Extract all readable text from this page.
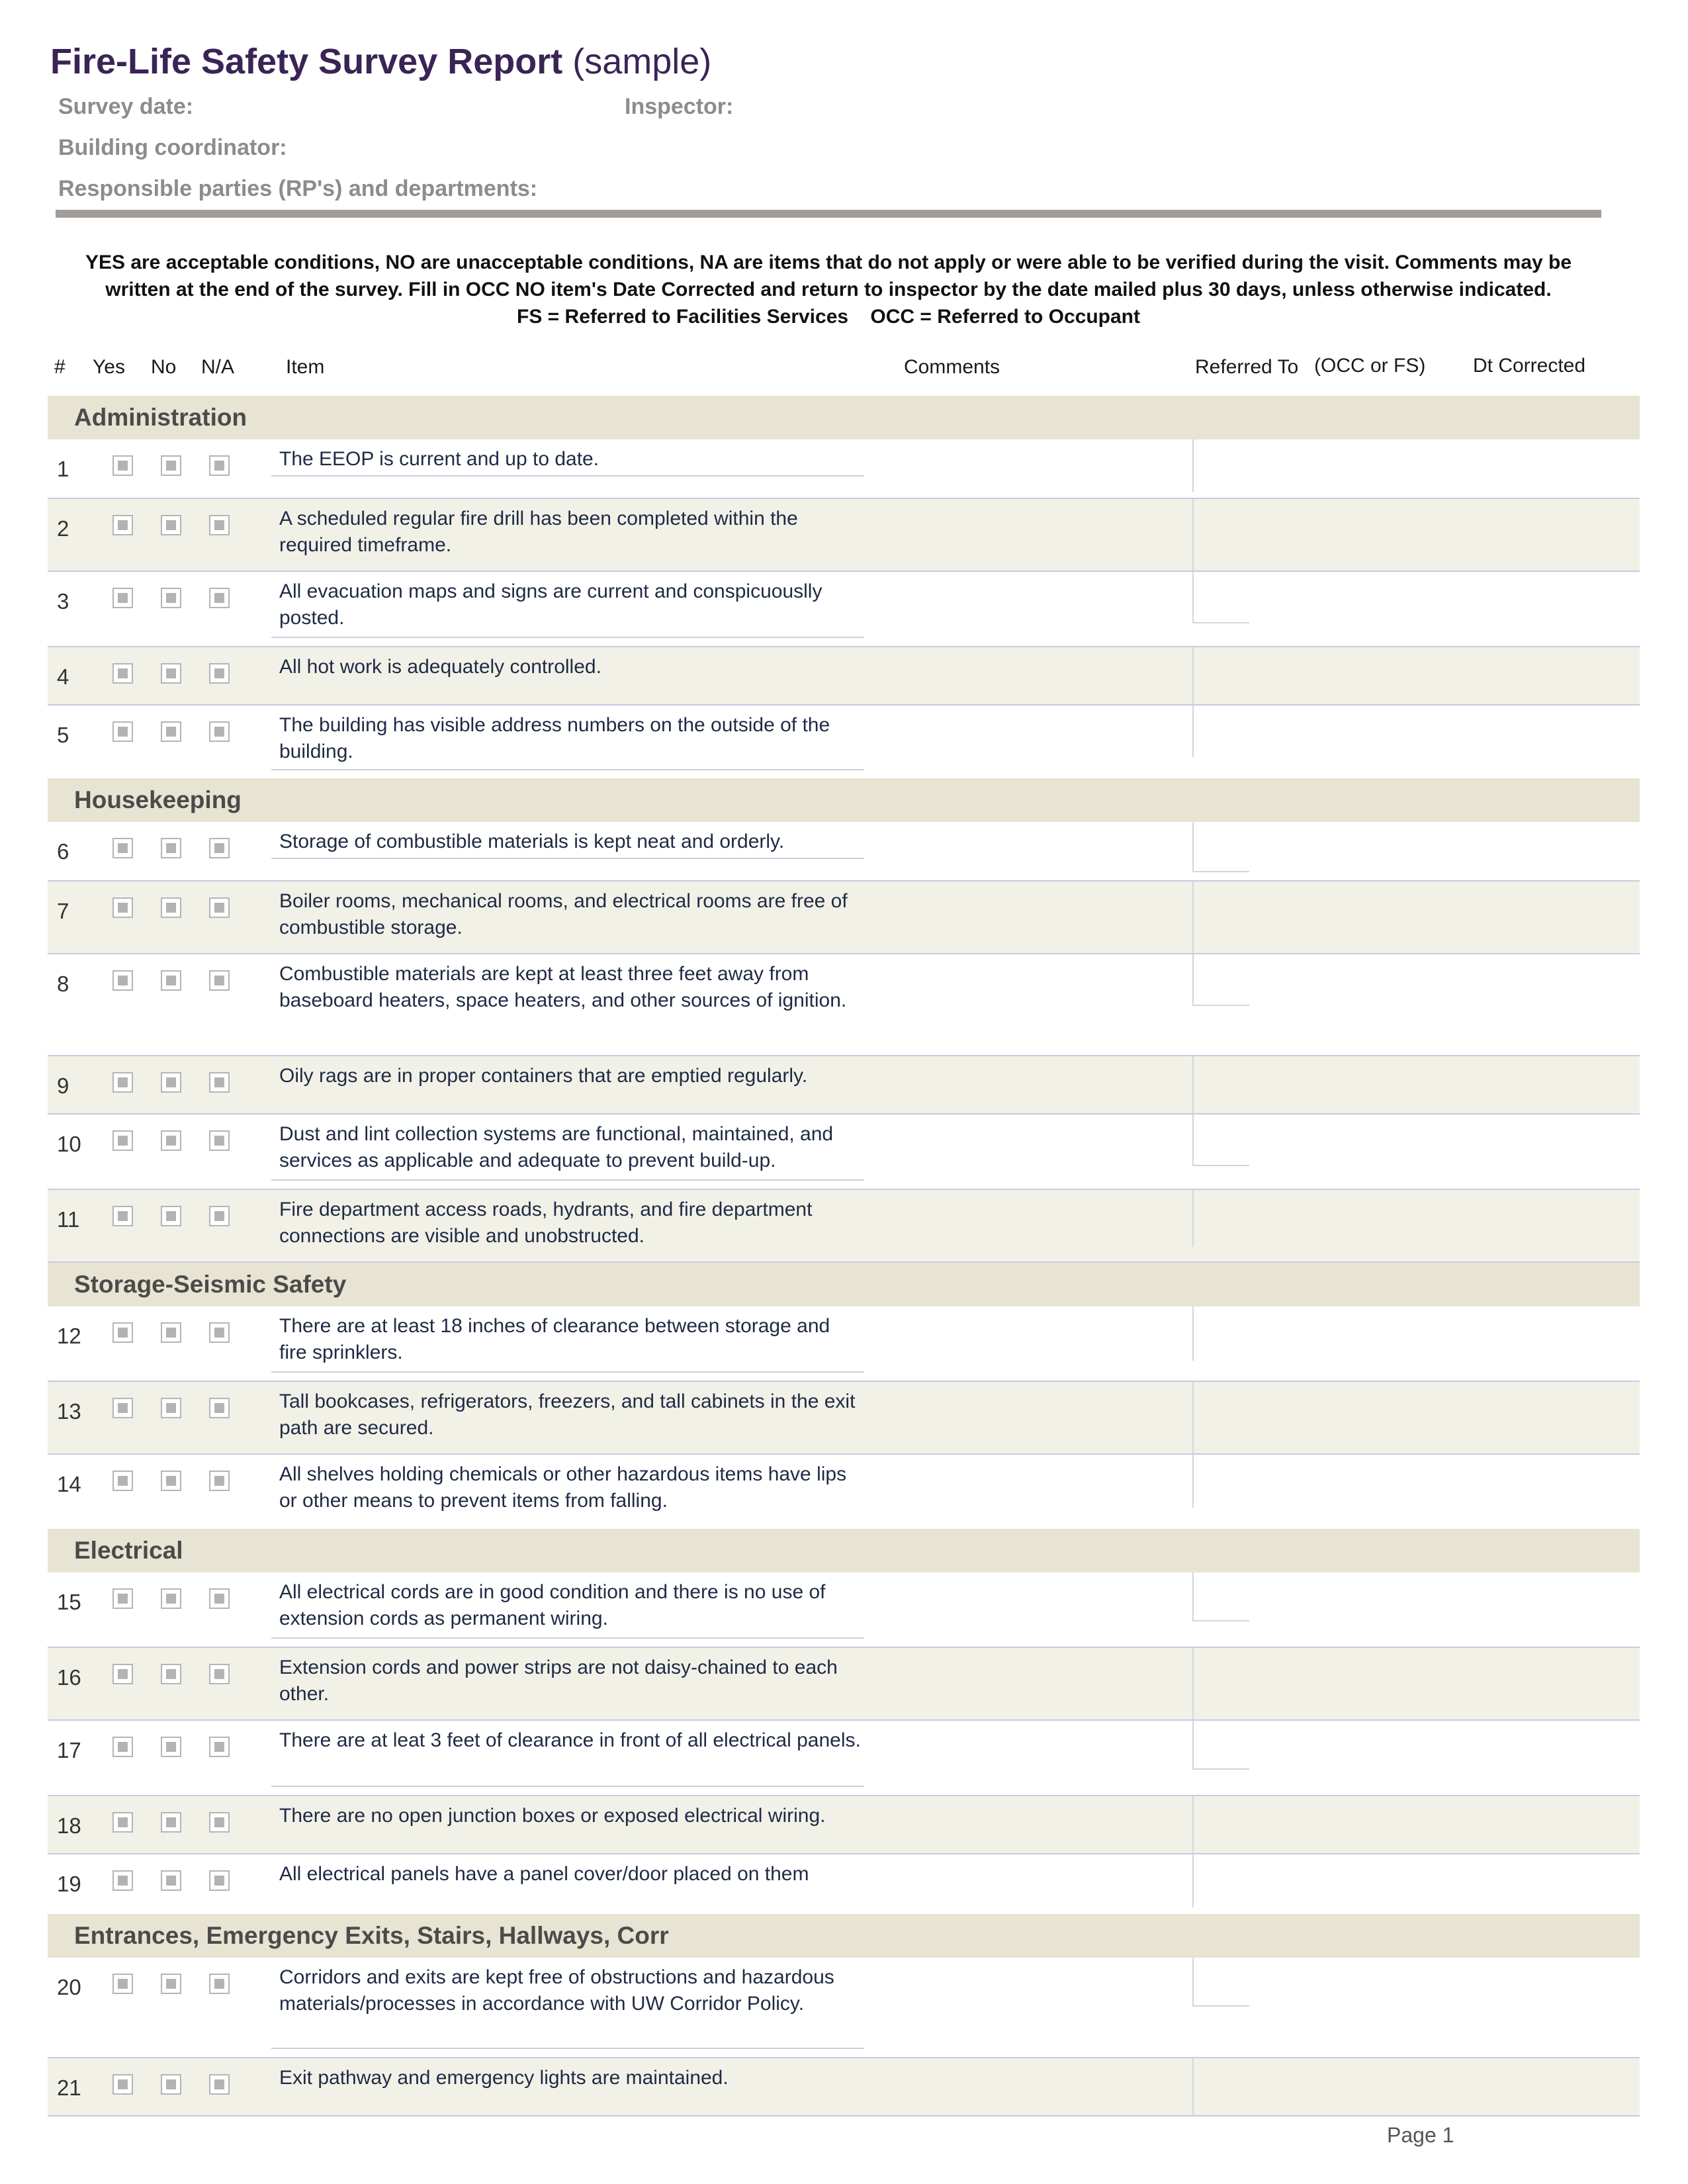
Fire-Life Safety Survey Report (sample)
Survey date:	Inspector:
Building coordinator:
Responsible parties (RP's) and departments:

YES are acceptable conditions, NO are unacceptable conditions, NA are items that do not apply or were able to be verified during the visit. Comments may be

written at the end of the survey. Fill in OCC NO item's Date Corrected and return to inspector by the date mailed plus 30 days, unless otherwise indicated.

FS = Referred to Facilities Services    OCC = Referred to Occupant

# Yes No N/A	Item	Comments	Referred To (OCC or FS) Dt Corrected
Administration
1	The EEOP is current and up to date.
2	A scheduled regular fire drill has been completed within the required timeframe.
3	All evacuation maps and signs are current and conspicuouslly posted.
4	All hot work is adequately controlled.
5	The building has visible address numbers on the outside of the building.
Housekeeping
6	Storage of combustible materials is kept neat and orderly.
7	Boiler rooms, mechanical rooms, and electrical rooms are free of combustible storage.
8	Combustible materials are kept at least three feet away from baseboard heaters, space heaters, and other sources of ignition.
9	Oily rags are in proper containers that are emptied regularly.
10	Dust and lint collection systems are functional, maintained, and services as applicable and adequate to prevent build-up.
11	Fire department access roads, hydrants, and fire department connections are visible and unobstructed.
Storage-Seismic Safety
12	There are at least 18 inches of clearance between storage and fire sprinklers.
13	Tall bookcases, refrigerators, freezers, and tall cabinets in the exit path are secured.
14	All shelves holding chemicals or other hazardous items have lips or other means to prevent items from falling.
Electrical
15	All electrical cords are in good condition and there is no use of extension cords as permanent wiring.
16	Extension cords and power strips are not daisy-chained to each other.
17	There are at leat 3 feet of clearance in front of all electrical panels.
18	There are no open junction boxes or exposed electrical wiring.
19	All electrical panels have a panel cover/door placed on them
Entrances, Emergency Exits, Stairs, Hallways, Corr
20	Corridors and exits are kept free of obstructions and hazardous materials/processes in accordance with UW Corridor Policy.
21	Exit pathway and emergency lights are maintained.
Page 1
